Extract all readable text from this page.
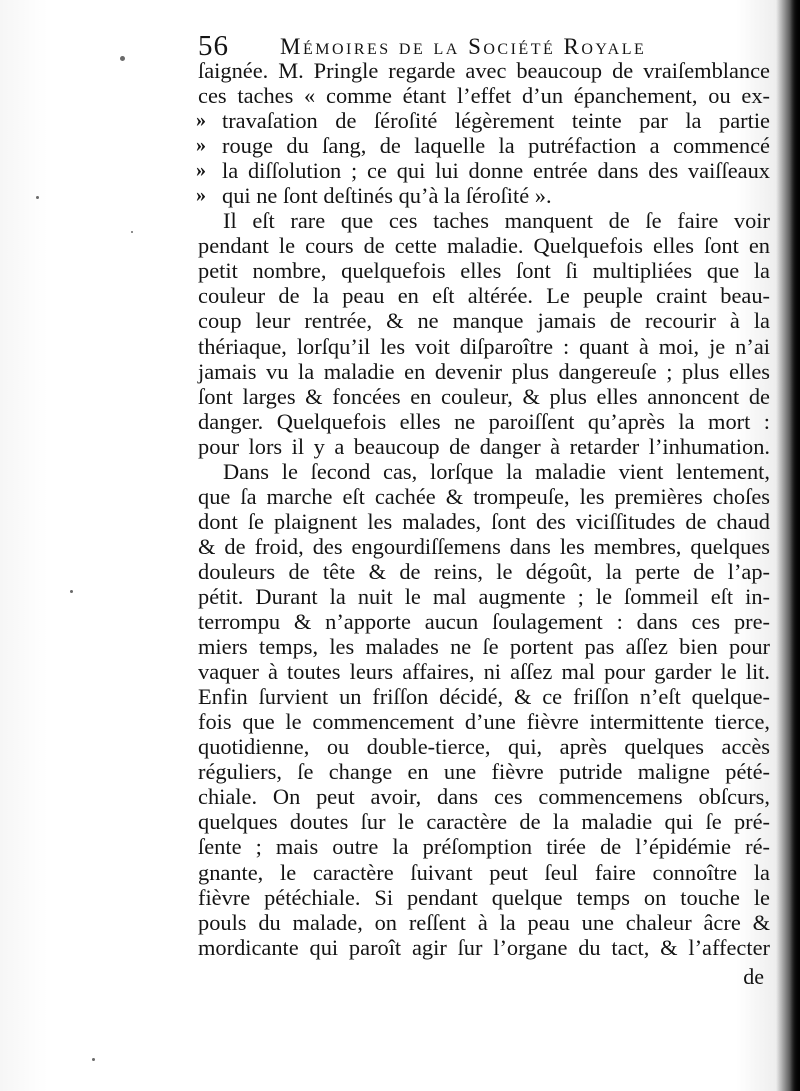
56 Mémoires de la Société Royale
ſaignée. M. Pringle regarde avec beaucoup de vraiſemblance
ces taches « comme étant l’effet d’un épanchement, ou ex-
» travaſation de ſéroſité légèrement teinte par la partie
» rouge du ſang, de laquelle la putréfaction a commencé
» la diſſolution ; ce qui lui donne entrée dans des vaiſſeaux
» qui ne ſont deſtinés qu’à la ſéroſité ».
Il eſt rare que ces taches manquent de ſe faire voir
pendant le cours de cette maladie. Quelquefois elles ſont en
petit nombre, quelquefois elles ſont ſi multipliées que la
couleur de la peau en eſt altérée. Le peuple craint beau-
coup leur rentrée, & ne manque jamais de recourir à la
thériaque, lorſqu’il les voit diſparoître : quant à moi, je n’ai
jamais vu la maladie en devenir plus dangereuſe ; plus elles
ſont larges & foncées en couleur, & plus elles annoncent de
danger. Quelquefois elles ne paroiſſent qu’après la mort :
pour lors il y a beaucoup de danger à retarder l’inhumation.
Dans le ſecond cas, lorſque la maladie vient lentement,
que ſa marche eſt cachée & trompeuſe, les premières choſes
dont ſe plaignent les malades, ſont des viciſſitudes de chaud
& de froid, des engourdiſſemens dans les membres, quelques
douleurs de tête & de reins, le dégoût, la perte de l’ap-
pétit. Durant la nuit le mal augmente ; le ſommeil eſt in-
terrompu & n’apporte aucun ſoulagement : dans ces pre-
miers temps, les malades ne ſe portent pas aſſez bien pour
vaquer à toutes leurs affaires, ni aſſez mal pour garder le lit.
Enfin ſurvient un friſſon décidé, & ce friſſon n’eſt quelque-
fois que le commencement d’une fièvre intermittente tierce,
quotidienne, ou double-tierce, qui, après quelques accès
réguliers, ſe change en une fièvre putride maligne pété-
chiale. On peut avoir, dans ces commencemens obſcurs,
quelques doutes ſur le caractère de la maladie qui ſe pré-
ſente ; mais outre la préſomption tirée de l’épidémie ré-
gnante, le caractère ſuivant peut ſeul faire connoître la
fièvre pétéchiale. Si pendant quelque temps on touche le
pouls du malade, on reſſent à la peau une chaleur âcre &
mordicante qui paroît agir ſur l’organe du tact, & l’affecter
de
